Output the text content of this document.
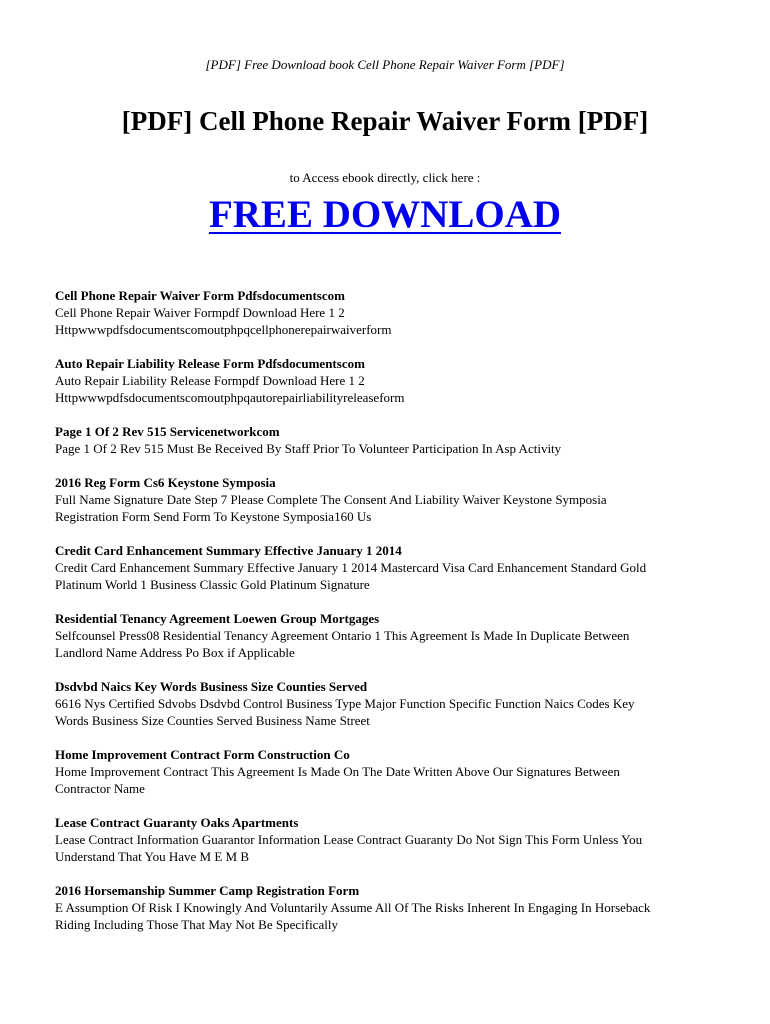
[PDF] Free Download book Cell Phone Repair Waiver Form [PDF]
[PDF] Cell Phone Repair Waiver Form [PDF]
to Access ebook directly, click here :
FREE DOWNLOAD
Cell Phone Repair Waiver Form Pdfsdocumentscom
Cell Phone Repair Waiver Formpdf Download Here 1 2
Httpwwwpdfsdocumentscomoutphpqcellphonerepairwaiverform
Auto Repair Liability Release Form Pdfsdocumentscom
Auto Repair Liability Release Formpdf Download Here 1 2
Httpwwwpdfsdocumentscomoutphpqautorepairliabilityreleaseform
Page 1 Of 2 Rev 515 Servicenetworkcom
Page 1 Of 2 Rev 515 Must Be Received By Staff Prior To Volunteer Participation In Asp Activity
2016 Reg Form Cs6 Keystone Symposia
Full Name Signature Date Step 7 Please Complete The Consent And Liability Waiver Keystone Symposia
Registration Form Send Form To Keystone Symposia160 Us
Credit Card Enhancement Summary Effective January 1 2014
Credit Card Enhancement Summary Effective January 1 2014 Mastercard Visa Card Enhancement Standard Gold
Platinum World 1 Business Classic Gold Platinum Signature
Residential Tenancy Agreement Loewen Group Mortgages
Selfcounsel Press08 Residential Tenancy Agreement Ontario 1 This Agreement Is Made In Duplicate Between
Landlord Name Address Po Box if Applicable
Dsdvbd Naics Key Words Business Size Counties Served
6616 Nys Certified Sdvobs Dsdvbd Control Business Type Major Function Specific Function Naics Codes Key
Words Business Size Counties Served Business Name Street
Home Improvement Contract Form Construction Co
Home Improvement Contract This Agreement Is Made On The Date Written Above Our Signatures Between
Contractor Name
Lease Contract Guaranty Oaks Apartments
Lease Contract Information Guarantor Information Lease Contract Guaranty Do Not Sign This Form Unless You
Understand That You Have M E M B
2016 Horsemanship Summer Camp Registration Form
E Assumption Of Risk I Knowingly And Voluntarily Assume All Of The Risks Inherent In Engaging In Horseback
Riding Including Those That May Not Be Specifically
